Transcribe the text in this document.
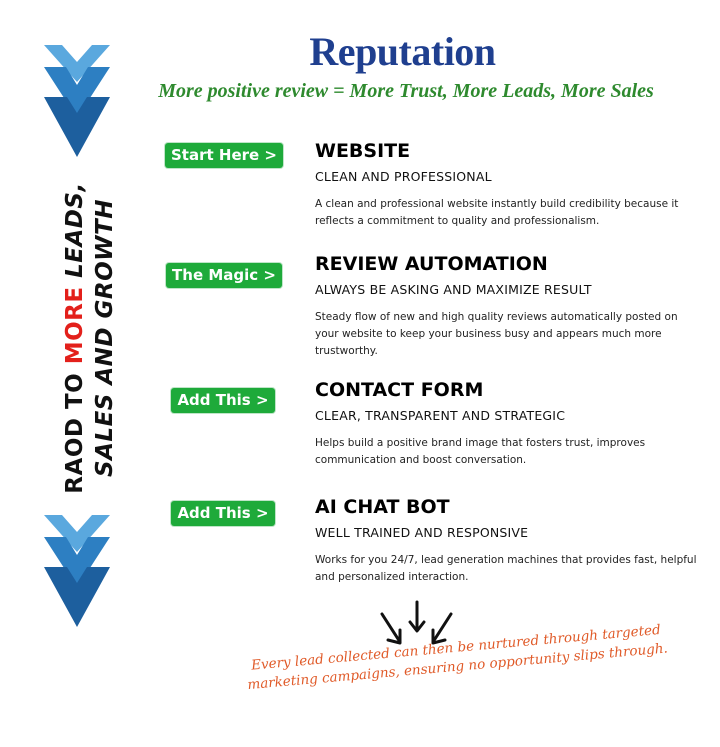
Reputation
More positive review = More Trust, More Leads, More Sales
RAOD TO MORE LEADS, SALES AND GROWTH
Start Here >
The Magic >
Add This >
Add This >
WEBSITE
CLEAN AND PROFESSIONAL
A clean and professional website instantly build credibility because it reflects a commitment to quality and professionalism.
REVIEW AUTOMATION
ALWAYS BE ASKING AND MAXIMIZE RESULT
Steady flow of new and high quality reviews automatically posted on your website to keep your business busy and appears much more trustworthy.
CONTACT FORM
CLEAR, TRANSPARENT AND STRATEGIC
Helps build a positive brand image that fosters trust, improves communication and boost conversation.
AI CHAT BOT
WELL TRAINED AND RESPONSIVE
Works for you 24/7, lead generation machines that provides fast, helpful and personalized interaction.
Every lead collected can then be nurtured through targeted marketing campaigns, ensuring no opportunity slips through.
